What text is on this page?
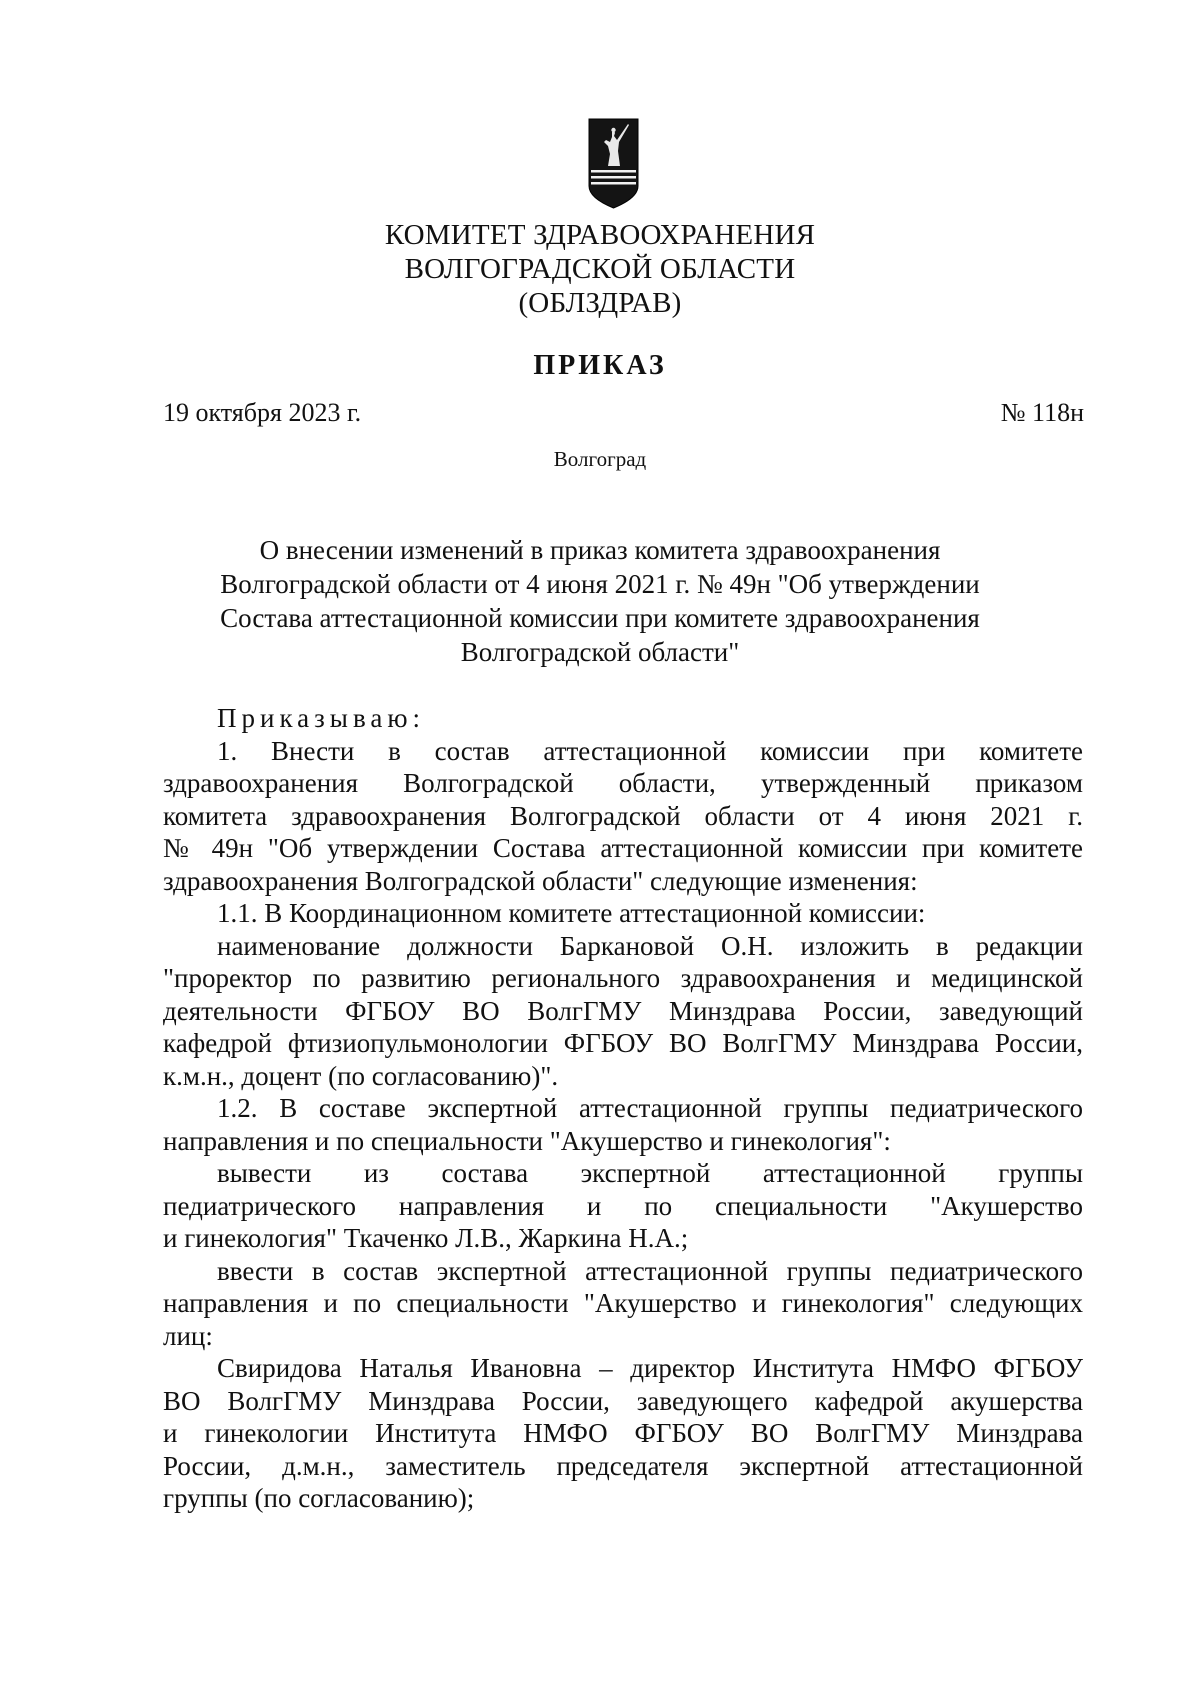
КОМИТЕТ ЗДРАВООХРАНЕНИЯ
ВОЛГОГРАДСКОЙ ОБЛАСТИ
(ОБЛЗДРАВ)
ПРИКАЗ
19 октября 2023 г.	№ 118н
Волгоград
О внесении изменений в приказ комитета здравоохранения
Волгоградской области от 4 июня 2021 г. № 49н "Об утверждении
Состава аттестационной комиссии при комитете здравоохранения
Волгоградской области"
Приказываю:
1. Внести в состав аттестационной комиссии при комитете
здравоохранения Волгоградской области, утвержденный приказом
комитета здравоохранения Волгоградской области от 4 июня 2021 г.
№ 49н "Об утверждении Состава аттестационной комиссии при комитете
здравоохранения Волгоградской области" следующие изменения:
1.1. В Координационном комитете аттестационной комиссии:
наименование должности Баркановой О.Н. изложить в редакции
"проректор по развитию регионального здравоохранения и медицинской
деятельности ФГБОУ ВО ВолгГМУ Минздрава России, заведующий
кафедрой фтизиопульмонологии ФГБОУ ВО ВолгГМУ Минздрава России,
к.м.н., доцент (по согласованию)".
1.2. В составе экспертной аттестационной группы педиатрического
направления и по специальности "Акушерство и гинекология":
вывести из состава экспертной аттестационной группы
педиатрического направления и по специальности "Акушерство
и гинекология" Ткаченко Л.В., Жаркина Н.А.;
ввести в состав экспертной аттестационной группы педиатрического
направления и по специальности "Акушерство и гинекология" следующих
лиц:
Свиридова Наталья Ивановна – директор Института НМФО ФГБОУ
ВО ВолгГМУ Минздрава России, заведующего кафедрой акушерства
и гинекологии Института НМФО ФГБОУ ВО ВолгГМУ Минздрава
России, д.м.н., заместитель председателя экспертной аттестационной
группы (по согласованию);
